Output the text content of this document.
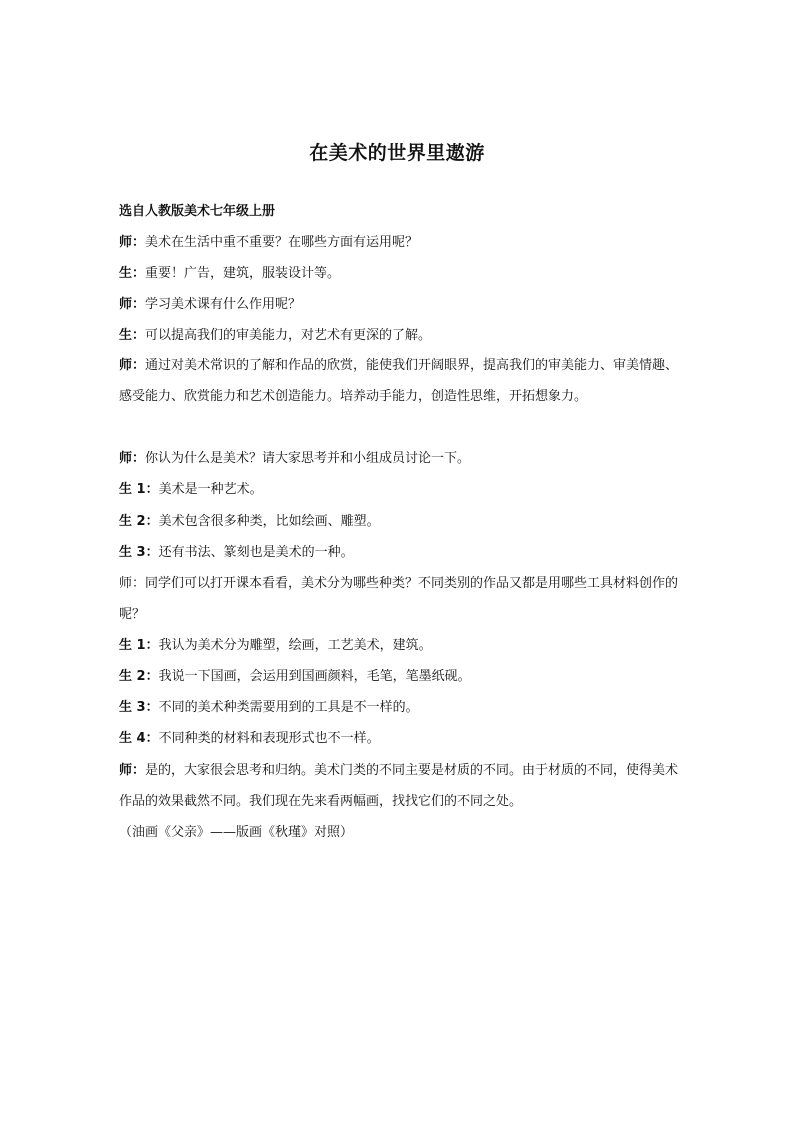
在美术的世界里遨游
选自人教版美术七年级上册
师：美术在生活中重不重要？在哪些方面有运用呢？
生：重要！广告，建筑，服装设计等。
师：学习美术课有什么作用呢？
生：可以提高我们的审美能力，对艺术有更深的了解。
师：通过对美术常识的了解和作品的欣赏，能使我们开阔眼界，提高我们的审美能力、审美情趣、感受能力、欣赏能力和艺术创造能力。培养动手能力，创造性思维，开拓想象力。
师：你认为什么是美术？请大家思考并和小组成员讨论一下。
生 1：美术是一种艺术。
生 2：美术包含很多种类，比如绘画、雕塑。
生 3：还有书法、篆刻也是美术的一种。
师：同学们可以打开课本看看，美术分为哪些种类？不同类别的作品又都是用哪些工具材料创作的呢？
生 1：我认为美术分为雕塑，绘画，工艺美术，建筑。
生 2：我说一下国画，会运用到国画颜料，毛笔，笔墨纸砚。
生 3：不同的美术种类需要用到的工具是不一样的。
生 4：不同种类的材料和表现形式也不一样。
师：是的，大家很会思考和归纳。美术门类的不同主要是材质的不同。由于材质的不同，使得美术作品的效果截然不同。我们现在先来看两幅画，找找它们的不同之处。
（油画《父亲》——版画《秋瑾》对照）
